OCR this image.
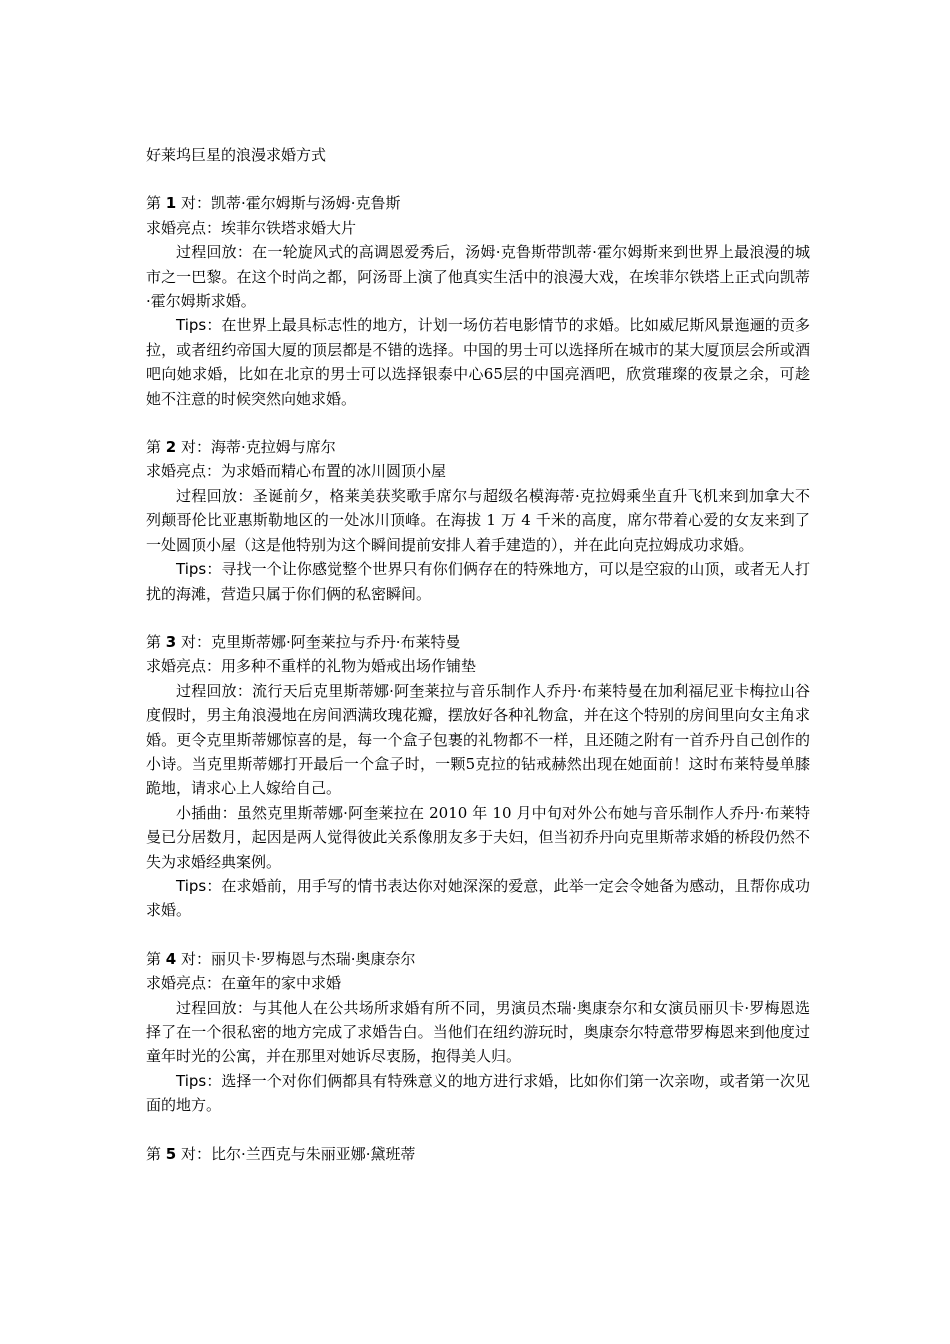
好莱坞巨星的浪漫求婚方式

第 1 对：凯蒂·霍尔姆斯与汤姆·克鲁斯

求婚亮点：埃菲尔铁塔求婚大片

过程回放：在一轮旋风式的高调恩爱秀后，汤姆·克鲁斯带凯蒂·霍尔姆斯来到世界上最浪漫的城市之一巴黎。在这个时尚之都，阿汤哥上演了他真实生活中的浪漫大戏，在埃菲尔铁塔上正式向凯蒂·霍尔姆斯求婚。

Tips：在世界上最具标志性的地方，计划一场仿若电影情节的求婚。比如威尼斯风景迤逦的贡多拉，或者纽约帝国大厦的顶层都是不错的选择。中国的男士可以选择所在城市的某大厦顶层会所或酒吧向她求婚，比如在北京的男士可以选择银泰中心65层的中国亮酒吧，欣赏璀璨的夜景之余，可趁她不注意的时候突然向她求婚。

第 2 对：海蒂·克拉姆与席尔

求婚亮点：为求婚而精心布置的冰川圆顶小屋

过程回放：圣诞前夕，格莱美获奖歌手席尔与超级名模海蒂·克拉姆乘坐直升飞机来到加拿大不列颠哥伦比亚惠斯勒地区的一处冰川顶峰。在海拔 1 万 4 千米的高度，席尔带着心爱的女友来到了一处圆顶小屋（这是他特别为这个瞬间提前安排人着手建造的），并在此向克拉姆成功求婚。

Tips：寻找一个让你感觉整个世界只有你们俩存在的特殊地方，可以是空寂的山顶，或者无人打扰的海滩，营造只属于你们俩的私密瞬间。

第 3 对：克里斯蒂娜·阿奎莱拉与乔丹·布莱特曼

求婚亮点：用多种不重样的礼物为婚戒出场作铺垫

过程回放：流行天后克里斯蒂娜·阿奎莱拉与音乐制作人乔丹·布莱特曼在加利福尼亚卡梅拉山谷度假时，男主角浪漫地在房间洒满玫瑰花瓣，摆放好各种礼物盒，并在这个特别的房间里向女主角求婚。更令克里斯蒂娜惊喜的是，每一个盒子包裹的礼物都不一样，且还随之附有一首乔丹自己创作的小诗。当克里斯蒂娜打开最后一个盒子时，一颗5克拉的钻戒赫然出现在她面前！这时布莱特曼单膝跪地，请求心上人嫁给自己。

小插曲：虽然克里斯蒂娜·阿奎莱拉在 2010 年 10 月中旬对外公布她与音乐制作人乔丹·布莱特曼已分居数月，起因是两人觉得彼此关系像朋友多于夫妇，但当初乔丹向克里斯蒂求婚的桥段仍然不失为求婚经典案例。

Tips：在求婚前，用手写的情书表达你对她深深的爱意，此举一定会令她备为感动，且帮你成功求婚。

第 4 对：丽贝卡·罗梅恩与杰瑞·奥康奈尔

求婚亮点：在童年的家中求婚

过程回放：与其他人在公共场所求婚有所不同，男演员杰瑞·奥康奈尔和女演员丽贝卡·罗梅恩选择了在一个很私密的地方完成了求婚告白。当他们在纽约游玩时，奥康奈尔特意带罗梅恩来到他度过童年时光的公寓，并在那里对她诉尽衷肠，抱得美人归。

Tips：选择一个对你们俩都具有特殊意义的地方进行求婚，比如你们第一次亲吻，或者第一次见面的地方。

第 5 对：比尔·兰西克与朱丽亚娜·黛班蒂
